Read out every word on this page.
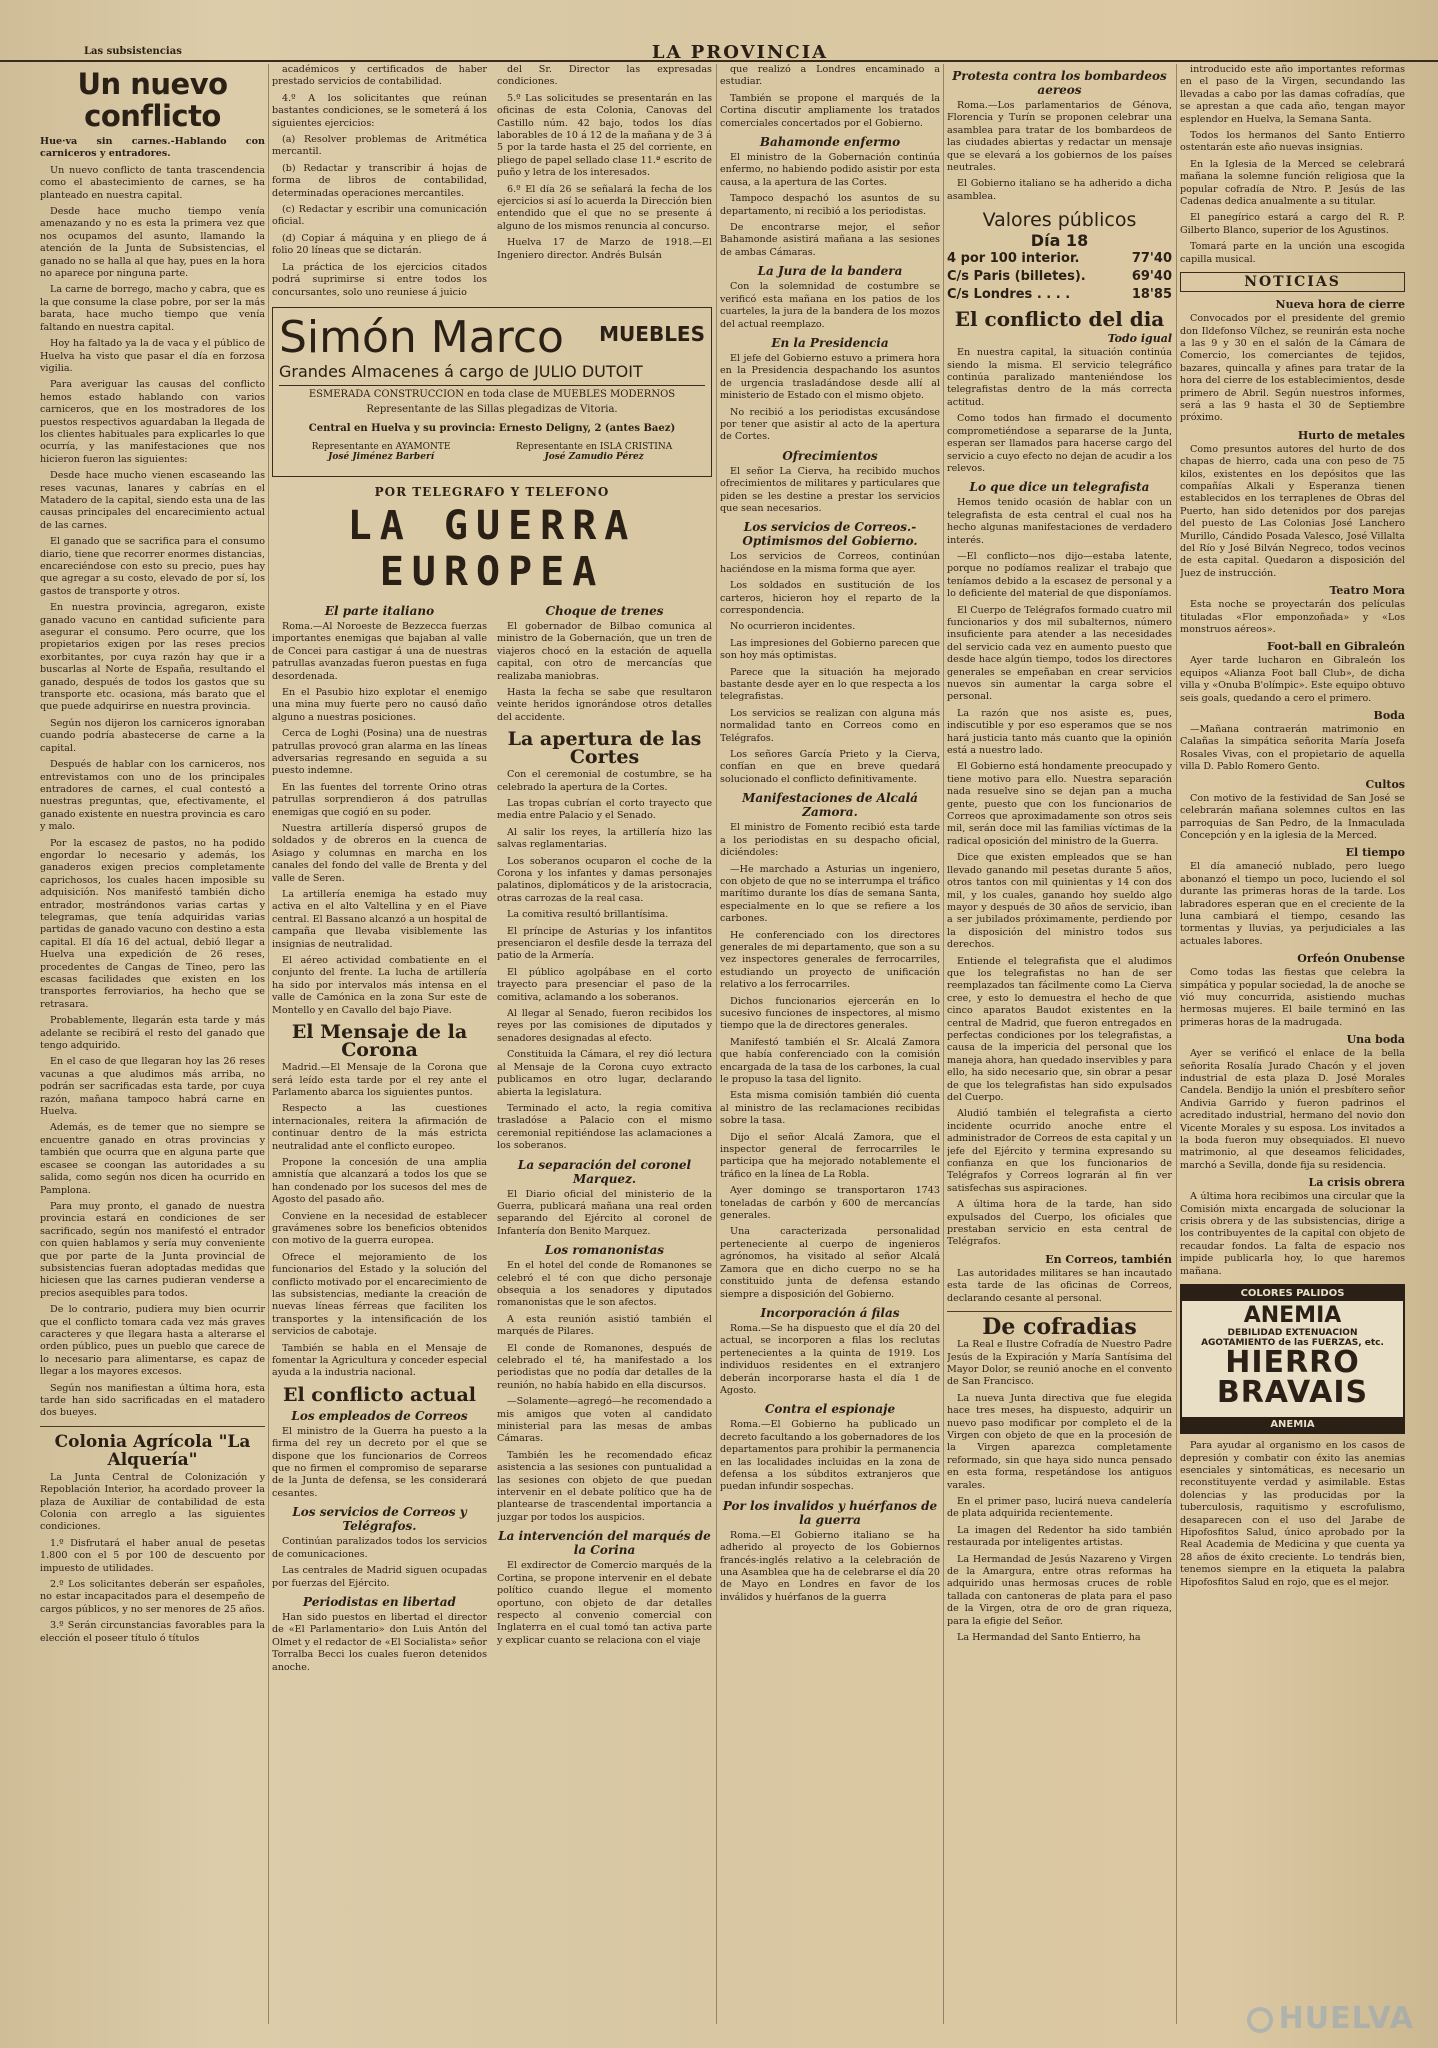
Las subsistencias	LA PROVINCIA
Un nuevo conflicto

Hue·va sin carnes.-Hablando con carniceros y entradores.

Un nuevo conflicto de tanta trascendencia como el abastecimiento de carnes, se ha planteado en nuestra capital.

Desde hace mucho tiempo venía amenazando y no es esta la primera vez que nos ocupamos del asunto, llamando la atención de la Junta de Subsistencias, el ganado no se halla al que hay, pues en la hora no aparece por ninguna parte.

La carne de borrego, macho y cabra, que es la que consume la clase pobre, por ser la más barata, hace mucho tiempo que venía faltando en nuestra capital.

Hoy ha faltado ya la de vaca y el público de Huelva ha visto que pasar el día en forzosa vigilia.

Para averiguar las causas del conflicto hemos estado hablando con varios carniceros, que en los mostradores de los puestos respectivos aguardaban la llegada de los clientes habituales para explicarles lo que ocurría, y las manifestaciones que nos hicieron fueron las siguientes:

Desde hace mucho vienen escaseando las reses vacunas, lanares y cabrías en el Matadero de la capital, siendo esta una de las causas principales del encarecimiento actual de las carnes.

El ganado que se sacrifica para el consumo diario, tiene que recorrer enormes distancias, encareciéndose con esto su precio, pues hay que agregar a su costo, elevado de por sí, los gastos de transporte y otros.

En nuestra provincia, agregaron, existe ganado vacuno en cantidad suficiente para asegurar el consumo. Pero ocurre, que los propietarios exigen por las reses precios exorbitantes, por cuya razón hay que ir a buscarlas al Norte de España, resultando el ganado, después de todos los gastos que su transporte etc. ocasiona, más barato que el que puede adquirirse en nuestra provincia.

Según nos dijeron los carniceros ignoraban cuando podría abastecerse de carne a la capital.

Después de hablar con los carniceros, nos entrevistamos con uno de los principales entradores de carnes, el cual contestó a nuestras preguntas, que, efectivamente, el ganado existente en nuestra provincia es caro y malo.

Por la escasez de pastos, no ha podido engordar lo necesario y además, los ganaderos exigen precios completamente caprichosos, los cuales hacen imposible su adquisición. Nos manifestó también dicho entrador, mostrándonos varias cartas y telegramas, que tenía adquiridas varias partidas de ganado vacuno con destino a esta capital. El día 16 del actual, debió llegar a Huelva una expedición de 26 reses, procedentes de Cangas de Tineo, pero las escasas facilidades que existen en los transportes ferroviarios, ha hecho que se retrasara.

Probablemente, llegarán esta tarde y más adelante se recibirá el resto del ganado que tengo adquirido.

En el caso de que llegaran hoy las 26 reses vacunas a que aludimos más arriba, no podrán ser sacrificadas esta tarde, por cuya razón, mañana tampoco habrá carne en Huelva.

Además, es de temer que no siempre se encuentre ganado en otras provincias y también que ocurra que en alguna parte que escasee se coongan las autoridades a su salida, como según nos dicen ha ocurrido en Pamplona.

Para muy pronto, el ganado de nuestra provincia estará en condiciones de ser sacrificado, según nos manifestó el entrador con quien hablamos y sería muy conveniente que por parte de la Junta provincial de subsistencias fueran adoptadas medidas que hiciesen que las carnes pudieran venderse a precios asequibles para todos.

De lo contrario, pudiera muy bien ocurrir que el conflicto tomara cada vez más graves caracteres y que llegara hasta a alterarse el orden público, pues un pueblo que carece de lo necesario para alimentarse, es capaz de llegar a los mayores excesos.

Según nos manifiestan a última hora, esta tarde han sido sacrificadas en el matadero dos bueyes.

Colonia Agrícola "La Alquería"

La Junta Central de Colonización y Repoblación Interior, ha acordado proveer la plaza de Auxiliar de contabilidad de esta Colonia con arreglo a las siguientes condiciones.

1.º Disfrutará el haber anual de pesetas 1.800 con el 5 por 100 de descuento por impuesto de utilidades.

2.º Los solicitantes deberán ser españoles, no estar incapacitados para el desempeño de cargos públicos, y no ser menores de 25 años.

3.º Serán circunstancias favorables para la elección el poseer título ó títulos

académicos y certificados de haber prestado servicios de contabilidad.

4.º A los solicitantes que reúnan bastantes condiciones, se le someterá á los siguientes ejercicios:

(a) Resolver problemas de Aritmética mercantil.

(b) Redactar y transcribir á hojas de forma de libros de contabilidad, determinadas operaciones mercantiles.

(c) Redactar y escribir una comunicación oficial.

(d) Copiar á máquina y en pliego de á folio 20 líneas que se dictarán.

La práctica de los ejercicios citados podrá suprimirse si entre todos los concursantes, solo uno reuniese á juicio

del Sr. Director las expresadas condiciones.

5.º Las solicitudes se presentarán en las oficinas de esta Colonia, Canovas del Castillo núm. 42 bajo, todos los días laborables de 10 á 12 de la mañana y de 3 á 5 por la tarde hasta el 25 del corriente, en pliego de papel sellado clase 11.ª escrito de puño y letra de los interesados.

6.º El día 26 se señalará la fecha de los ejercicios si así lo acuerda la Dirección bien entendido que el que no se presente á alguno de los mismos renuncia al concurso.

Huelva 17 de Marzo de 1918.—El Ingeniero director. Andrés Bulsán

Simón Marco MUEBLES
Grandes Almacenes á cargo de JULIO DUTOIT
ESMERADA CONSTRUCCION en toda clase de MUEBLES MODERNOS
Representante de las Sillas plegadizas de Vitoria.
Central en Huelva y su provincia: Ernesto Deligny, 2 (antes Baez)
Representante en AYAMONTE
José Jiménez Barberí
Representante en ISLA CRISTINA
José Zamudio Pérez
POR TELEGRAFO Y TELEFONO
LA GUERRA EUROPEA
El parte italiano

Roma.—Al Noroeste de Bezzecca fuerzas importantes enemigas que bajaban al valle de Concei para castigar á una de nuestras patrullas avanzadas fueron puestas en fuga desordenada.

En el Pasubio hizo explotar el enemigo una mina muy fuerte pero no causó daño alguno a nuestras posiciones.

Cerca de Loghi (Posina) una de nuestras patrullas provocó gran alarma en las líneas adversarias regresando en seguida a su puesto indemne.

En las fuentes del torrente Orino otras patrullas sorprendieron á dos patrullas enemigas que cogió en su poder.

Nuestra artillería dispersó grupos de soldados y de obreros en la cuenca de Asiago y columnas en marcha en los canales del fondo del valle de Brenta y del valle de Seren.

La artillería enemiga ha estado muy activa en el alto Valtellina y en el Piave central. El Bassano alcanzó a un hospital de campaña que llevaba visiblemente las insignias de neutralidad.

El aéreo actividad combatiente en el conjunto del frente. La lucha de artillería ha sido por intervalos más intensa en el valle de Camónica en la zona Sur este de Montello y en Cavallo del bajo Piave.

El Mensaje de la Corona

Madrid.—El Mensaje de la Corona que será leído esta tarde por el rey ante el Parlamento abarca los siguientes puntos.

Respecto a las cuestiones internacionales, reitera la afirmación de continuar dentro de la más estricta neutralidad ante el conflicto europeo.

Propone la concesión de una amplia amnistía que alcanzará a todos los que se han condenado por los sucesos del mes de Agosto del pasado año.

Conviene en la necesidad de establecer gravámenes sobre los beneficios obtenidos con motivo de la guerra europea.

Ofrece el mejoramiento de los funcionarios del Estado y la solución del conflicto motivado por el encarecimiento de las subsistencias, mediante la creación de nuevas líneas férreas que faciliten los transportes y la intensificación de los servicios de cabotaje.

También se habla en el Mensaje de fomentar la Agricultura y conceder especial ayuda a la industria nacional.

El conflicto actual
Los empleados de Correos

El ministro de la Guerra ha puesto a la firma del rey un decreto por el que se dispone que los funcionarios de Correos que no firmen el compromiso de separarse de la Junta de defensa, se les considerará cesantes.

Los servicios de Correos y Telégrafos.

Continúan paralizados todos los servicios de comunicaciones.

Las centrales de Madrid siguen ocupadas por fuerzas del Ejército.

Periodistas en libertad

Han sido puestos en libertad el director de «El Parlamentario» don Luis Antón del Olmet y el redactor de «El Socialista» señor Torralba Becci los cuales fueron detenidos anoche.

Choque de trenes

El gobernador de Bilbao comunica al ministro de la Gobernación, que un tren de viajeros chocó en la estación de aquella capital, con otro de mercancías que realizaba maniobras.

Hasta la fecha se sabe que resultaron veinte heridos ignorándose otros detalles del accidente.

La apertura de las Cortes

Con el ceremonial de costumbre, se ha celebrado la apertura de la Cortes.

Las tropas cubrían el corto trayecto que media entre Palacio y el Senado.

Al salir los reyes, la artillería hizo las salvas reglamentarias.

Los soberanos ocuparon el coche de la Corona y los infantes y damas personajes palatinos, diplomáticos y de la aristocracia, otras carrozas de la real casa.

La comitiva resultó brillantísima.

El príncipe de Asturias y los infantitos presenciaron el desfile desde la terraza del patio de la Armería.

El público agolpábase en el corto trayecto para presenciar el paso de la comitiva, aclamando a los soberanos.

Al llegar al Senado, fueron recibidos los reyes por las comisiones de diputados y senadores designadas al efecto.

Constituida la Cámara, el rey dió lectura al Mensaje de la Corona cuyo extracto publicamos en otro lugar, declarando abierta la legislatura.

Terminado el acto, la regia comitiva trasladóse a Palacio con el mismo ceremonial repitiéndose las aclamaciones a los soberanos.

La separación del coronel Marquez.

El Diario oficial del ministerio de la Guerra, publicará mañana una real orden separando del Ejército al coronel de Infantería don Benito Marquez.

Los romanonistas

En el hotel del conde de Romanones se celebró el té con que dicho personaje obsequia a los senadores y diputados romanonistas que le son afectos.

A esta reunión asistió también el marqués de Pilares.

El conde de Romanones, después de celebrado el té, ha manifestado a los periodistas que no podía dar detalles de la reunión, no había habido en ella discursos.

—Solamente—agregó—he recomendado a mis amigos que voten al candidato ministerial para las mesas de ambas Cámaras.

También les he recomendado eficaz asistencia a las sesiones con puntualidad a las sesiones con objeto de que puedan intervenir en el debate político que ha de plantearse de trascendental importancia a juzgar por todos los auspicios.

La intervención del marqués de la Corina

El exdirector de Comercio marqués de la Cortina, se propone intervenir en el debate político cuando llegue el momento oportuno, con objeto de dar detalles respecto al convenio comercial con Inglaterra en el cual tomó tan activa parte y explicar cuanto se relaciona con el viaje

que realizó a Londres encaminado a estudiar.

También se propone el marqués de la Cortina discutir ampliamente los tratados comerciales concertados por el Gobierno.

Bahamonde enfermo

El ministro de la Gobernación continúa enfermo, no habiendo podido asistir por esta causa, a la apertura de las Cortes.

Tampoco despachó los asuntos de su departamento, ni recibió a los periodistas.

De encontrarse mejor, el señor Bahamonde asistirá mañana a las sesiones de ambas Cámaras.

La Jura de la bandera

Con la solemnidad de costumbre se verificó esta mañana en los patios de los cuarteles, la jura de la bandera de los mozos del actual reemplazo.

En la Presidencia

El jefe del Gobierno estuvo a primera hora en la Presidencia despachando los asuntos de urgencia trasladándose desde allí al ministerio de Estado con el mismo objeto.

No recibió a los periodistas excusándose por tener que asistir al acto de la apertura de Cortes.

Ofrecimientos

El señor La Cierva, ha recibido muchos ofrecimientos de militares y particulares que piden se les destine a prestar los servicios que sean necesarios.

Los servicios de Correos.-Optimismos del Gobierno.

Los servicios de Correos, continúan haciéndose en la misma forma que ayer.

Los soldados en sustitución de los carteros, hicieron hoy el reparto de la correspondencia.

No ocurrieron incidentes.

Las impresiones del Gobierno parecen que son hoy más optimistas.

Parece que la situación ha mejorado bastante desde ayer en lo que respecta a los telegrafistas.

Los servicios se realizan con alguna más normalidad tanto en Correos como en Telégrafos.

Los señores García Prieto y la Cierva, confían en que en breve quedará solucionado el conflicto definitivamente.

Manifestaciones de Alcalá Zamora.

El ministro de Fomento recibió esta tarde a los periodistas en su despacho oficial, diciéndoles:

—He marchado a Asturias un ingeniero, con objeto de que no se interrumpa el tráfico marítimo durante los días de semana Santa, especialmente en lo que se refiere a los carbones.

He conferenciado con los directores generales de mi departamento, que son a su vez inspectores generales de ferrocarriles, estudiando un proyecto de unificación relativo a los ferrocarriles.

Dichos funcionarios ejercerán en lo sucesivo funciones de inspectores, al mismo tiempo que la de directores generales.

Manifestó también el Sr. Alcalá Zamora que había conferenciado con la comisión encargada de la tasa de los carbones, la cual le propuso la tasa del lignito.

Esta misma comisión también dió cuenta al ministro de las reclamaciones recibidas sobre la tasa.

Dijo el señor Alcalá Zamora, que el inspector general de ferrocarriles le participa que ha mejorado notablemente el tráfico en la línea de La Robla.

Ayer domingo se transportaron 1743 toneladas de carbón y 600 de mercancías generales.

Una caracterizada personalidad perteneciente al cuerpo de ingenieros agrónomos, ha visitado al señor Alcalá Zamora que en dicho cuerpo no se ha constituido junta de defensa estando siempre a disposición del Gobierno.

Incorporación á filas

Roma.—Se ha dispuesto que el día 20 del actual, se incorporen a filas los reclutas pertenecientes a la quinta de 1919. Los individuos residentes en el extranjero deberán incorporarse hasta el día 1 de Agosto.

Contra el espionaje

Roma.—El Gobierno ha publicado un decreto facultando a los gobernadores de los departamentos para prohibir la permanencia en las localidades incluidas en la zona de defensa a los súbditos extranjeros que puedan infundir sospechas.

Por los invalidos y huérfanos de la guerra

Roma.—El Gobierno italiano se ha adherido al proyecto de los Gobiernos francés-inglés relativo a la celebración de una Asamblea que ha de celebrarse el día 20 de Mayo en Londres en favor de los inválidos y huérfanos de la guerra

Protesta contra los bombardeos aereos

Roma.—Los parlamentarios de Génova, Florencia y Turín se proponen celebrar una asamblea para tratar de los bombardeos de las ciudades abiertas y redactar un mensaje que se elevará a los gobiernos de los países neutrales.

El Gobierno italiano se ha adherido a dicha asamblea.

Valores públicos
Día 18
4 por 100 interior.	77'40
C/s Paris (billetes).	69'40
C/s Londres . . . .	18'85
El conflicto del dia
Todo igual

En nuestra capital, la situación continúa siendo la misma. El servicio telegráfico continúa paralizado manteniéndose los telegrafistas dentro de la más correcta actitud.

Como todos han firmado el documento comprometiéndose a separarse de la Junta, esperan ser llamados para hacerse cargo del servicio a cuyo efecto no dejan de acudir a los relevos.

Lo que dice un telegrafista

Hemos tenido ocasión de hablar con un telegrafista de esta central el cual nos ha hecho algunas manifestaciones de verdadero interés.

—El conflicto—nos dijo—estaba latente, porque no podíamos realizar el trabajo que teníamos debido a la escasez de personal y a lo deficiente del material de que disponíamos.

El Cuerpo de Telégrafos formado cuatro mil funcionarios y dos mil subalternos, número insuficiente para atender a las necesidades del servicio cada vez en aumento puesto que desde hace algún tiempo, todos los directores generales se empeñaban en crear servicios nuevos sin aumentar la carga sobre el personal.

La razón que nos asiste es, pues, indiscutible y por eso esperamos que se nos hará justicia tanto más cuanto que la opinión está a nuestro lado.

El Gobierno está hondamente preocupado y tiene motivo para ello. Nuestra separación nada resuelve sino se dejan pan a mucha gente, puesto que con los funcionarios de Correos que aproximadamente son otros seis mil, serán doce mil las familias víctimas de la radical oposición del ministro de la Guerra.

Dice que existen empleados que se han llevado ganando mil pesetas durante 5 años, otros tantos con mil quinientas y 14 con dos mil, y los cuales, ganando hoy sueldo algo mayor y después de 30 años de servicio, iban a ser jubilados próximamente, perdiendo por la disposición del ministro todos sus derechos.

Entiende el telegrafista que el aludimos que los telegrafistas no han de ser reemplazados tan fácilmente como La Cierva cree, y esto lo demuestra el hecho de que cinco aparatos Baudot existentes en la central de Madrid, que fueron entregados en perfectas condiciones por los telegrafistas, a causa de la impericia del personal que los maneja ahora, han quedado inservibles y para ello, ha sido necesario que, sin obrar a pesar de que los telegrafistas han sido expulsados del Cuerpo.

Aludió también el telegrafista a cierto incidente ocurrido anoche entre el administrador de Correos de esta capital y un jefe del Ejército y termina expresando su confianza en que los funcionarios de Telégrafos y Correos lograrán al fin ver satisfechas sus aspiraciones.

A última hora de la tarde, han sido expulsados del Cuerpo, los oficiales que prestaban servicio en esta central de Telégrafos.

En Correos, también

Las autoridades militares se han incautado esta tarde de las oficinas de Correos, declarando cesante al personal.

De cofradias

La Real e Ilustre Cofradía de Nuestro Padre Jesús de la Expiración y María Santísima del Mayor Dolor, se reunió anoche en el convento de San Francisco.

La nueva Junta directiva que fue elegida hace tres meses, ha dispuesto, adquirir un nuevo paso modificar por completo el de la Virgen con objeto de que en la procesión de la Virgen aparezca completamente reformado, sin que haya sido nunca pensado en esta forma, respetándose los antiguos varales.

En el primer paso, lucirá nueva candelería de plata adquirida recientemente.

La imagen del Redentor ha sido también restaurada por inteligentes artistas.

La Hermandad de Jesús Nazareno y Virgen de la Amargura, entre otras reformas ha adquirido unas hermosas cruces de roble tallada con cantoneras de plata para el paso de la Virgen, otra de oro de gran riqueza, para la efigie del Señor.

La Hermandad del Santo Entierro, ha

introducido este año importantes reformas en el paso de la Virgen, secundando las llevadas a cabo por las damas cofradías, que se aprestan a que cada año, tengan mayor esplendor en Huelva, la Semana Santa.

Todos los hermanos del Santo Entierro ostentarán este año nuevas insignias.

En la Iglesia de la Merced se celebrará mañana la solemne función religiosa que la popular cofradía de Ntro. P. Jesús de las Cadenas dedica anualmente a su titular.

El panegírico estará a cargo del R. P. Gilberto Blanco, superior de los Agustinos.

Tomará parte en la unción una escogida capilla musical.

NOTICIAS
Nueva hora de cierre

Convocados por el presidente del gremio don Ildefonso Vílchez, se reunirán esta noche a las 9 y 30 en el salón de la Cámara de Comercio, los comerciantes de tejidos, bazares, quincalla y afines para tratar de la hora del cierre de los establecimientos, desde primero de Abril. Según nuestros informes, será a las 9 hasta el 30 de Septiembre próximo.

Hurto de metales

Como presuntos autores del hurto de dos chapas de hierro, cada una con peso de 75 kilos, existentes en los depósitos que las compañías Alkali y Esperanza tienen establecidos en los terraplenes de Obras del Puerto, han sido detenidos por dos parejas del puesto de Las Colonias José Lanchero Murillo, Cándido Posada Valesco, José Villalta del Río y José Bilván Negreco, todos vecinos de esta capital. Quedaron a disposición del Juez de instrucción.

Teatro Mora

Esta noche se proyectarán dos películas tituladas «Flor emponzoñada» y «Los monstruos aéreos».

Foot-ball en Gibraleón

Ayer tarde lucharon en Gibraleón los equipos «Alianza Foot ball Club», de dicha villa y «Onuba B'olímpic». Este equipo obtuvo seis goals, quedando a cero el primero.

Boda

—Mañana contraerán matrimonio en Calañas la simpática señorita María Josefa Rosales Vivas, con el propietario de aquella villa D. Pablo Romero Gento.

Cultos

Con motivo de la festividad de San José se celebrarán mañana solemnes cultos en las parroquias de San Pedro, de la Inmaculada Concepción y en la iglesia de la Merced.

El tiempo

El día amaneció nublado, pero luego abonanzó el tiempo un poco, luciendo el sol durante las primeras horas de la tarde. Los labradores esperan que en el creciente de la luna cambiará el tiempo, cesando las tormentas y lluvias, ya perjudiciales a las actuales labores.

Orfeón Onubense

Como todas las fiestas que celebra la simpática y popular sociedad, la de anoche se vió muy concurrida, asistiendo muchas hermosas mujeres. El baile terminó en las primeras horas de la madrugada.

Una boda

Ayer se verificó el enlace de la bella señorita Rosalía Jurado Chacón y el joven industrial de esta plaza D. José Morales Candela. Bendijo la unión el presbítero señor Andivia Garrido y fueron padrinos el acreditado industrial, hermano del novio don Vicente Morales y su esposa. Los invitados a la boda fueron muy obsequiados. El nuevo matrimonio, al que deseamos felicidades, marchó a Sevilla, donde fija su residencia.

La crisis obrera

A última hora recibimos una circular que la Comisión mixta encargada de solucionar la crisis obrera y de las subsistencias, dirige a los contribuyentes de la capital con objeto de recaudar fondos. La falta de espacio nos impide publicarla hoy, lo que haremos mañana.

COLORES PALIDOS
ANEMIA
DEBILIDAD EXTENUACION
AGOTAMIENTO de las FUERZAS, etc.
HIERRO
BRAVAIS
ANEMIA

Para ayudar al organismo en los casos de depresión y combatir con éxito las anemias esenciales y sintomáticas, es necesario un reconstituyente verdad y asimilable. Estas dolencias y las producidas por la tuberculosis, raquitismo y escrofulismo, desaparecen con el uso del Jarabe de Hipofosfitos Salud, único aprobado por la Real Academia de Medicina y que cuenta ya 28 años de éxito creciente. Lo tendrás bien, tenemos siempre en la etiqueta la palabra Hipofosfitos Salud en rojo, que es el mejor.

HUELVA
